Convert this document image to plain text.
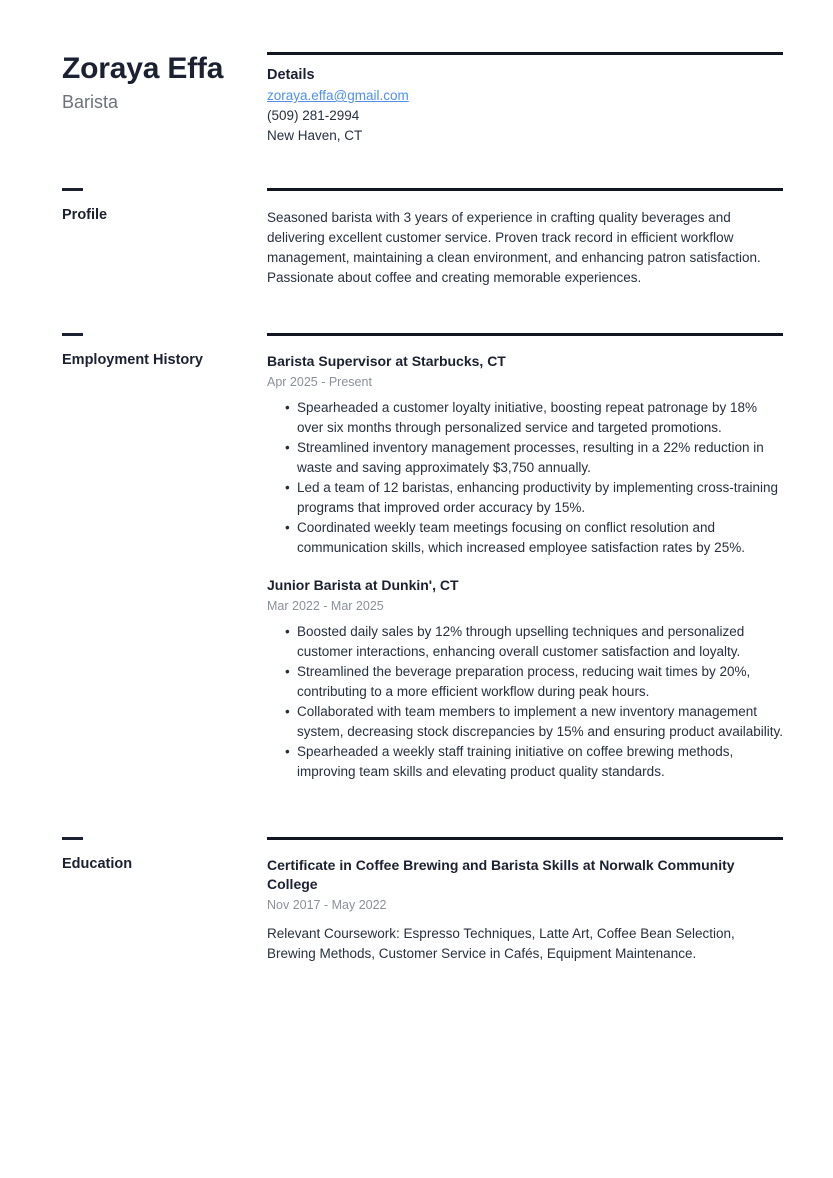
Zoraya Effa
Barista
Details
zoraya.effa@gmail.com
(509) 281-2994
New Haven, CT
Profile	Seasoned barista with 3 years of experience in crafting quality beverages and delivering excellent customer service. Proven track record in efficient workflow management, maintaining a clean environment, and enhancing patron satisfaction. Passionate about coffee and creating memorable experiences.

Employment History	Barista Supervisor at Starbucks, CT
Apr 2025 - Present
• Spearheaded a customer loyalty initiative, boosting repeat patronage by 18% over six months through personalized service and targeted promotions.
• Streamlined inventory management processes, resulting in a 22% reduction in waste and saving approximately $3,750 annually.
• Led a team of 12 baristas, enhancing productivity by implementing cross-training programs that improved order accuracy by 15%.
• Coordinated weekly team meetings focusing on conflict resolution and communication skills, which increased employee satisfaction rates by 25%.
Junior Barista at Dunkin', CT
Mar 2022 - Mar 2025
• Boosted daily sales by 12% through upselling techniques and personalized customer interactions, enhancing overall customer satisfaction and loyalty.
• Streamlined the beverage preparation process, reducing wait times by 20%, contributing to a more efficient workflow during peak hours.
• Collaborated with team members to implement a new inventory management system, decreasing stock discrepancies by 15% and ensuring product availability.
• Spearheaded a weekly staff training initiative on coffee brewing methods, improving team skills and elevating product quality standards.
Education	Certificate in Coffee Brewing and Barista Skills at Norwalk Community College
Nov 2017 - May 2022

Relevant Coursework: Espresso Techniques, Latte Art, Coffee Bean Selection, Brewing Methods, Customer Service in Cafés, Equipment Maintenance.
